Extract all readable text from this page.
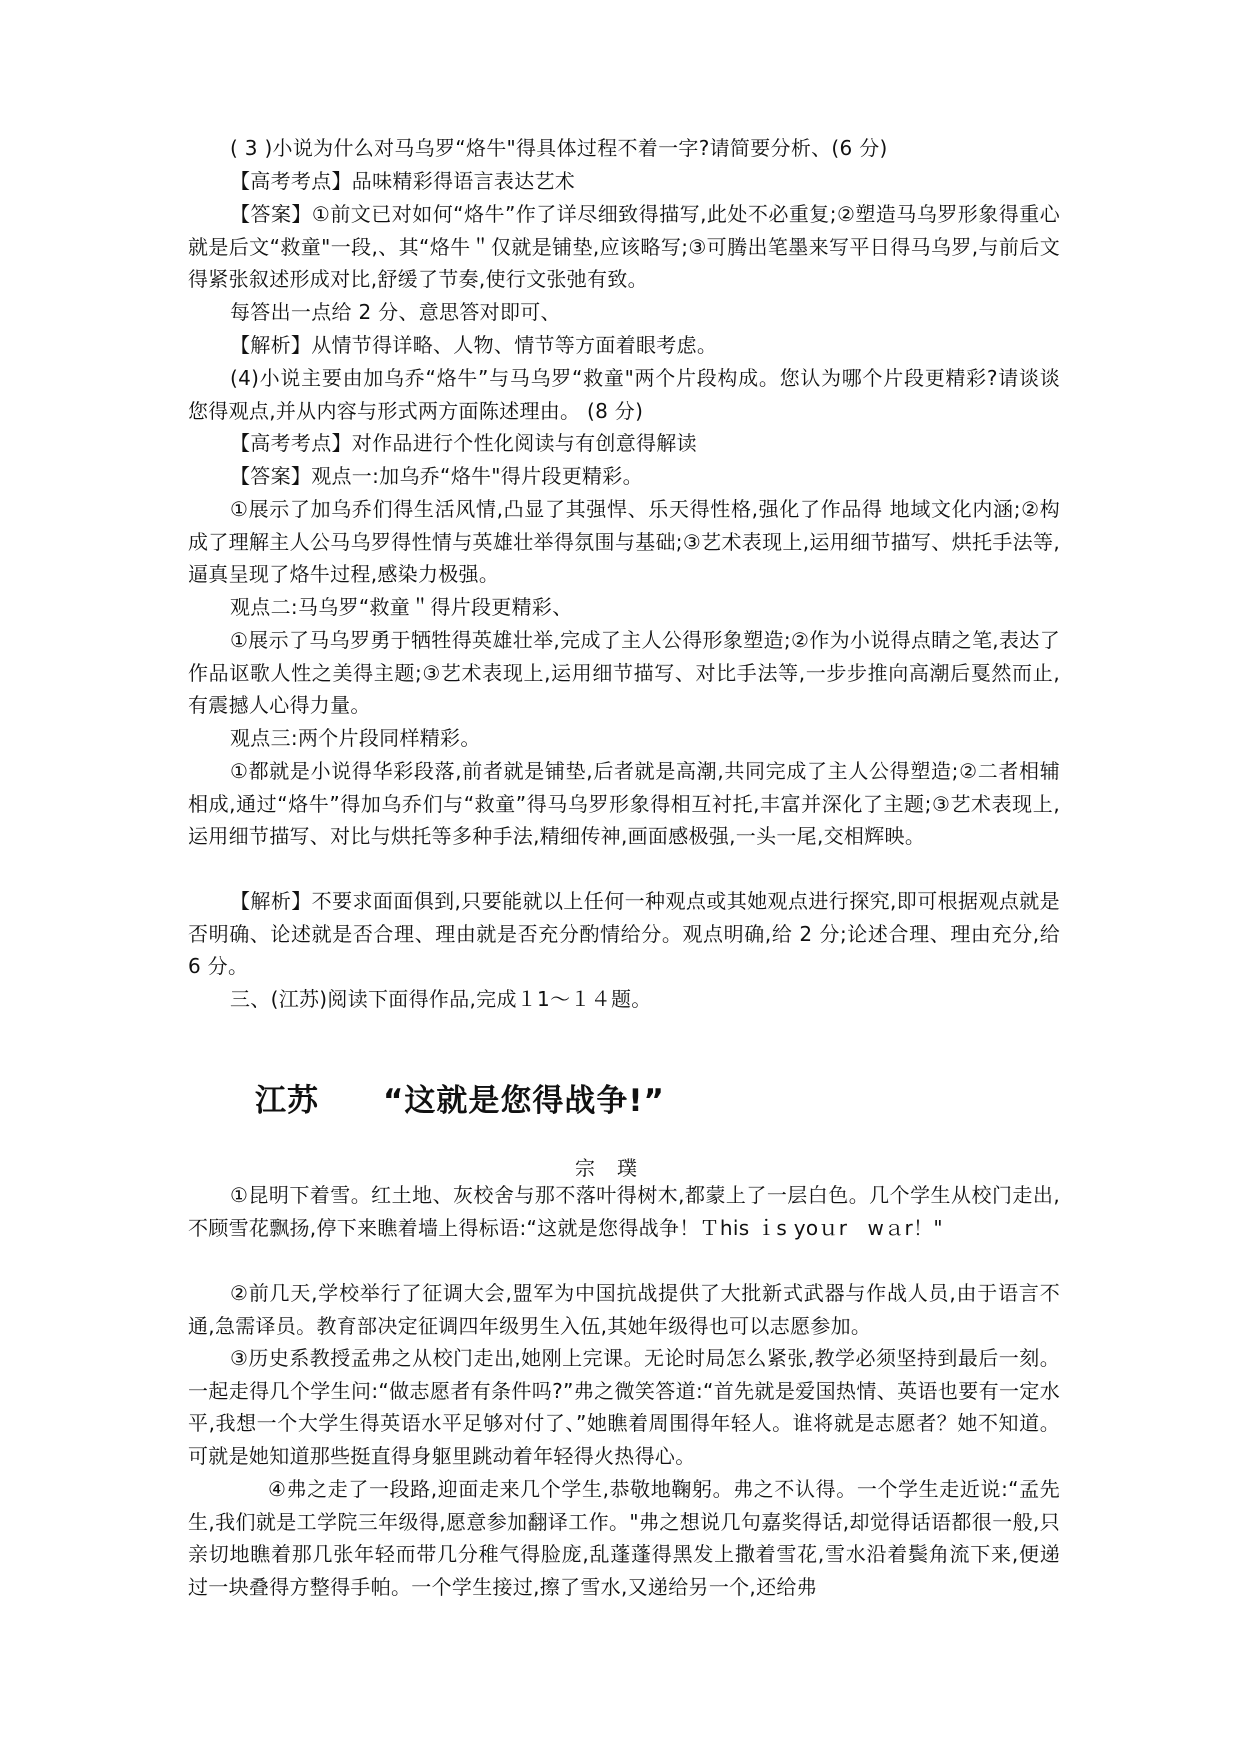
( 3 )小说为什么对马乌罗“烙牛"得具体过程不着一字?请简要分析、(6 分)

【高考考点】品味精彩得语言表达艺术

【答案】①前文已对如何“烙牛”作了详尽细致得描写,此处不必重复;②塑造马乌罗形象得重心就是后文“救童"一段,、其“烙牛＂仅就是铺垫,应该略写;③可腾出笔墨来写平日得马乌罗,与前后文得紧张叙述形成对比,舒缓了节奏,使行文张弛有致。

每答出一点给 2 分、意思答对即可、

【解析】从情节得详略、人物、情节等方面着眼考虑。

(4)小说主要由加乌乔“烙牛”与马乌罗“救童"两个片段构成。您认为哪个片段更精彩?请谈谈您得观点,并从内容与形式两方面陈述理由。 (8 分)

【高考考点】对作品进行个性化阅读与有创意得解读

【答案】观点一:加乌乔“烙牛"得片段更精彩。

①展示了加乌乔们得生活风情,凸显了其强悍、乐天得性格,强化了作品得 地域文化内涵;②构成了理解主人公马乌罗得性情与英雄壮举得氛围与基础;③艺术表现上,运用细节描写、烘托手法等,逼真呈现了烙牛过程,感染力极强。

观点二:马乌罗“救童＂得片段更精彩、

①展示了马乌罗勇于牺牲得英雄壮举,完成了主人公得形象塑造;②作为小说得点睛之笔,表达了作品讴歌人性之美得主题;③艺术表现上,运用细节描写、对比手法等,一步步推向高潮后戛然而止,有震撼人心得力量。

观点三:两个片段同样精彩。

①都就是小说得华彩段落,前者就是铺垫,后者就是高潮,共同完成了主人公得塑造;②二者相辅相成,通过“烙牛”得加乌乔们与“救童”得马乌罗形象得相互衬托,丰富并深化了主题;③艺术表现上,运用细节描写、对比与烘托等多种手法,精细传神,画面感极强,一头一尾,交相辉映。

【解析】不要求面面俱到,只要能就以上任何一种观点或其她观点进行探究,即可根据观点就是否明确、论述就是否合理、理由就是否充分酌情给分。观点明确,给 2 分;论述合理、理由充分,给 6 分。

三、(江苏)阅读下面得作品,完成１1～１４题。

江苏　　“这就是您得战争!”

宗　璞

①昆明下着雪。红土地、灰校舍与那不落叶得树木,都蒙上了一层白色。几个学生从校门走出,不顾雪花飘扬,停下来瞧着墙上得标语:“这就是您得战争！Ｔhis ｉs yoｕr　wａr！"

②前几天,学校举行了征调大会,盟军为中国抗战提供了大批新式武器与作战人员,由于语言不通,急需译员。教育部决定征调四年级男生入伍,其她年级得也可以志愿参加。

③历史系教授孟弗之从校门走出,她刚上完课。无论时局怎么紧张,教学必须坚持到最后一刻。一起走得几个学生问:“做志愿者有条件吗?”弗之微笑答道:“首先就是爱国热情、英语也要有一定水平,我想一个大学生得英语水平足够对付了、”她瞧着周围得年轻人。谁将就是志愿者？她不知道。可就是她知道那些挺直得身躯里跳动着年轻得火热得心。

④弗之走了一段路,迎面走来几个学生,恭敬地鞠躬。弗之不认得。一个学生走近说:“孟先生,我们就是工学院三年级得,愿意参加翻译工作。"弗之想说几句嘉奖得话,却觉得话语都很一般,只亲切地瞧着那几张年轻而带几分稚气得脸庞,乱蓬蓬得黑发上撒着雪花,雪水沿着鬓角流下来,便递过一块叠得方整得手帕。一个学生接过,擦了雪水,又递给另一个,还给弗
